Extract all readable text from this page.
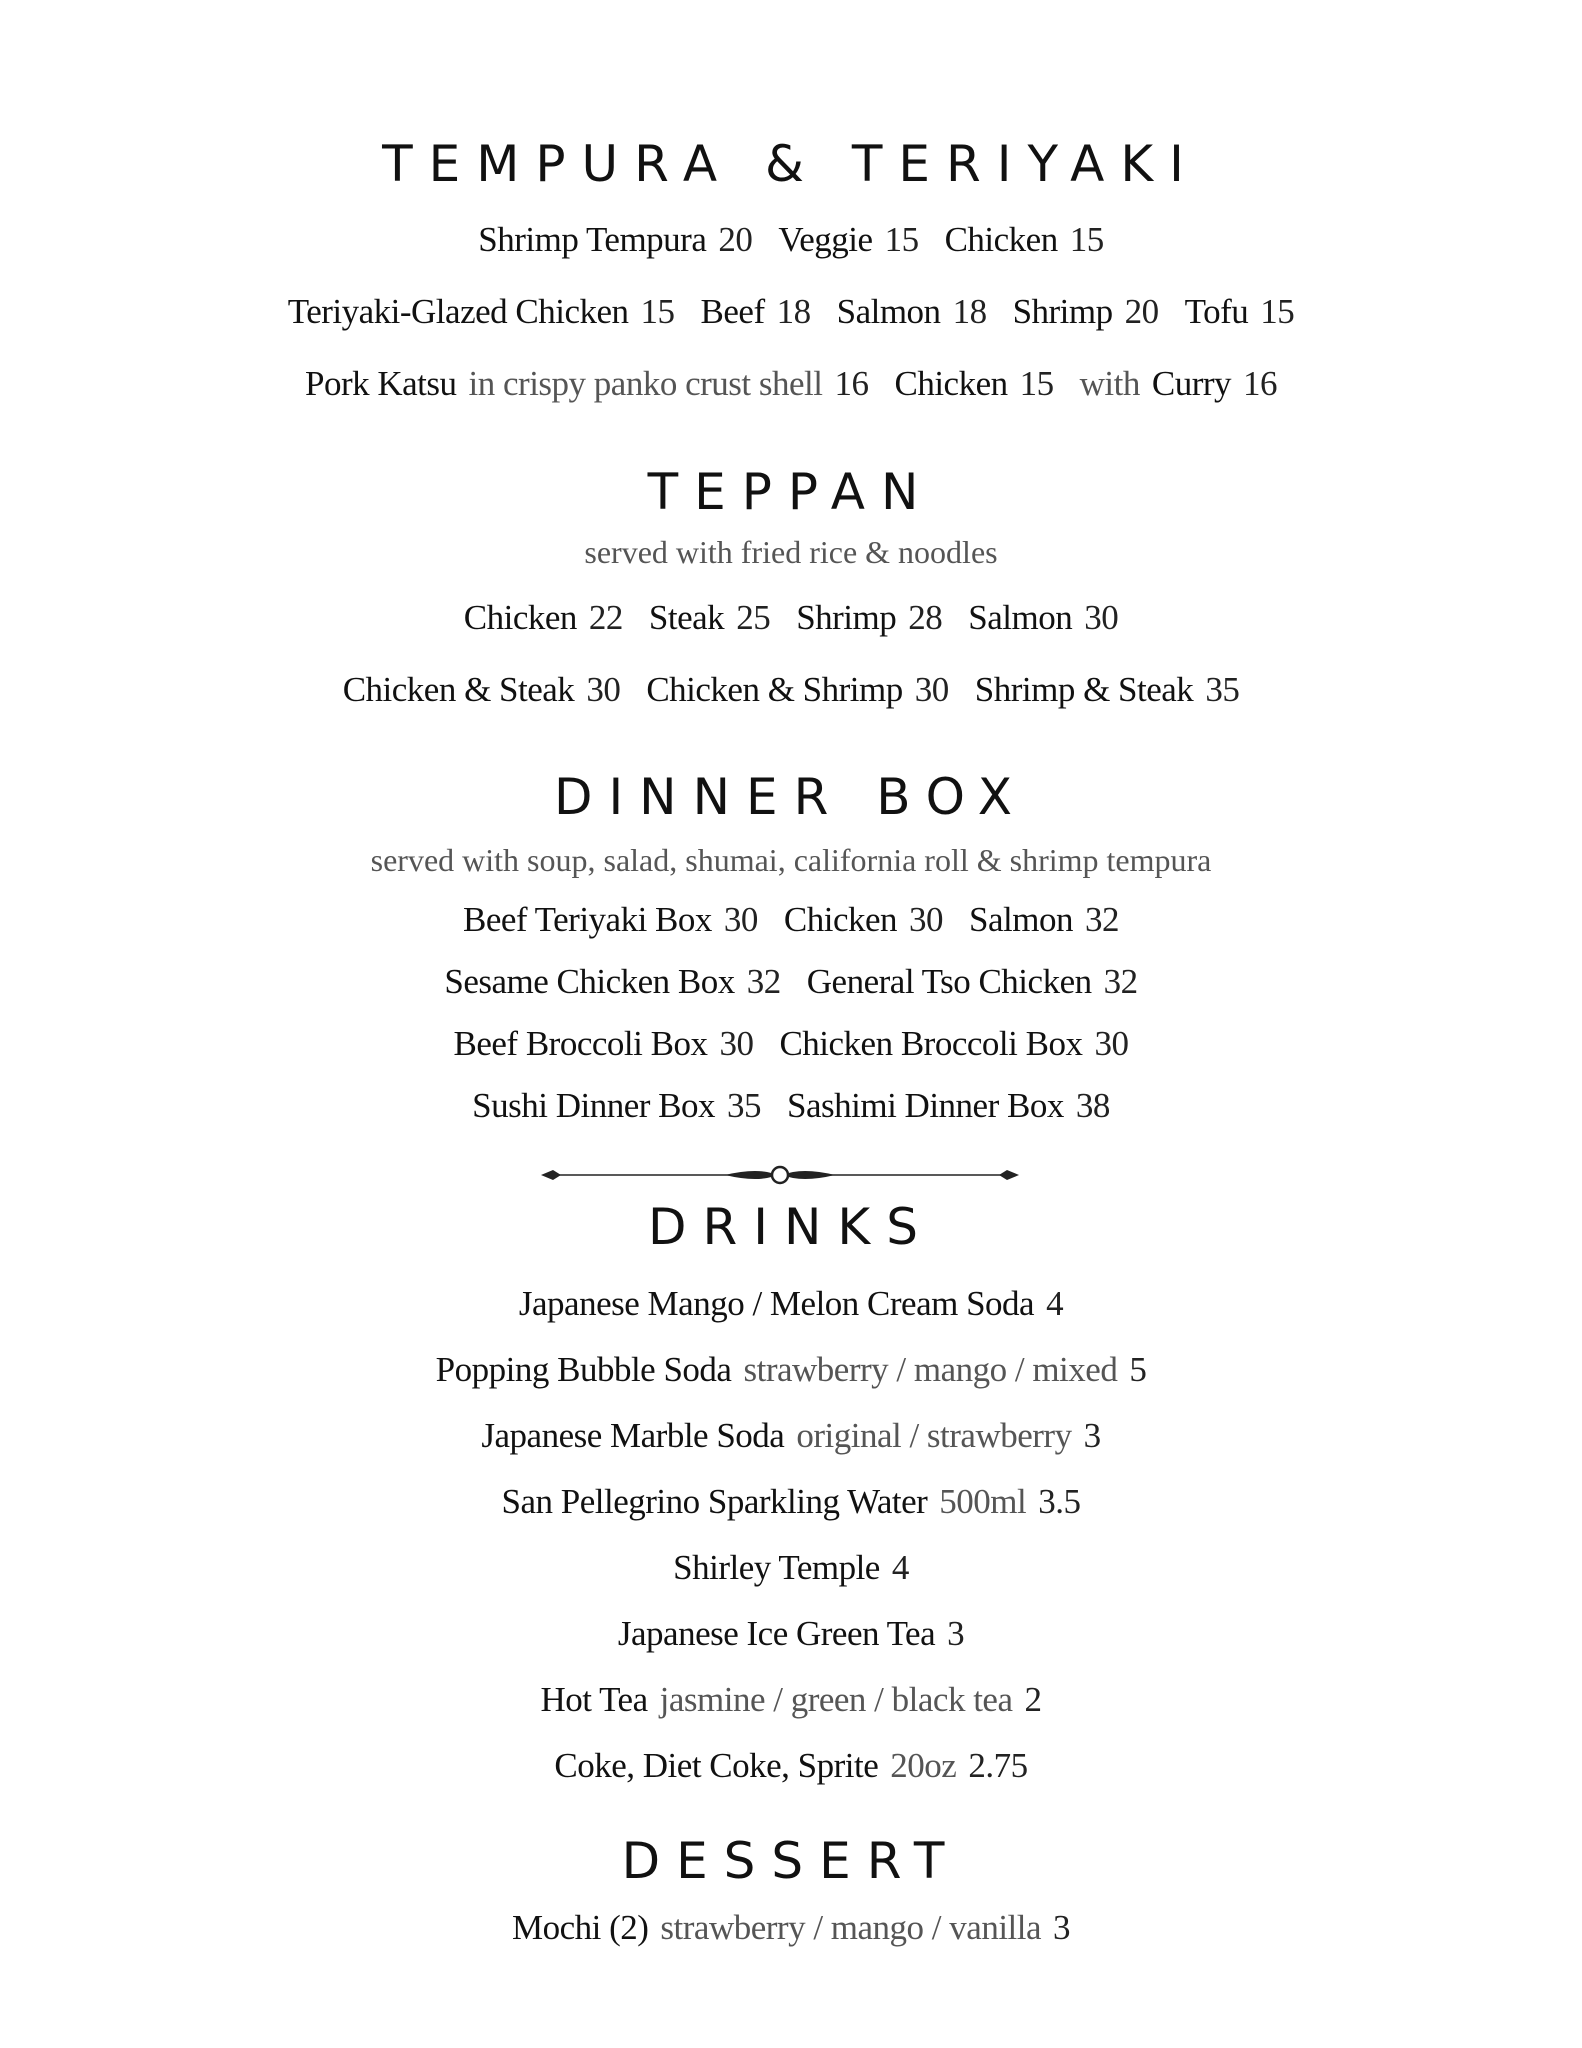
TEMPURA & TERIYAKI
Shrimp Tempura 20 Veggie 15 Chicken 15
Teriyaki-Glazed Chicken 15 Beef 18 Salmon 18 Shrimp 20 Tofu 15
Pork Katsu in crispy panko crust shell 16 Chicken 15 with Curry 16
TEPPAN
served with fried rice & noodles
Chicken 22 Steak 25 Shrimp 28 Salmon 30
Chicken & Steak 30 Chicken & Shrimp 30 Shrimp & Steak 35
DINNER BOX
served with soup, salad, shumai, california roll & shrimp tempura
Beef Teriyaki Box 30 Chicken 30 Salmon 32
Sesame Chicken Box 32 General Tso Chicken 32
Beef Broccoli Box 30 Chicken Broccoli Box 30
Sushi Dinner Box 35 Sashimi Dinner Box 38
DRINKS
Japanese Mango / Melon Cream Soda 4
Popping Bubble Soda strawberry / mango / mixed 5
Japanese Marble Soda original / strawberry 3
San Pellegrino Sparkling Water 500ml 3.5
Shirley Temple 4
Japanese Ice Green Tea 3
Hot Tea jasmine / green / black tea 2
Coke, Diet Coke, Sprite 20oz 2.75
DESSERT
Mochi (2) strawberry / mango / vanilla 3
